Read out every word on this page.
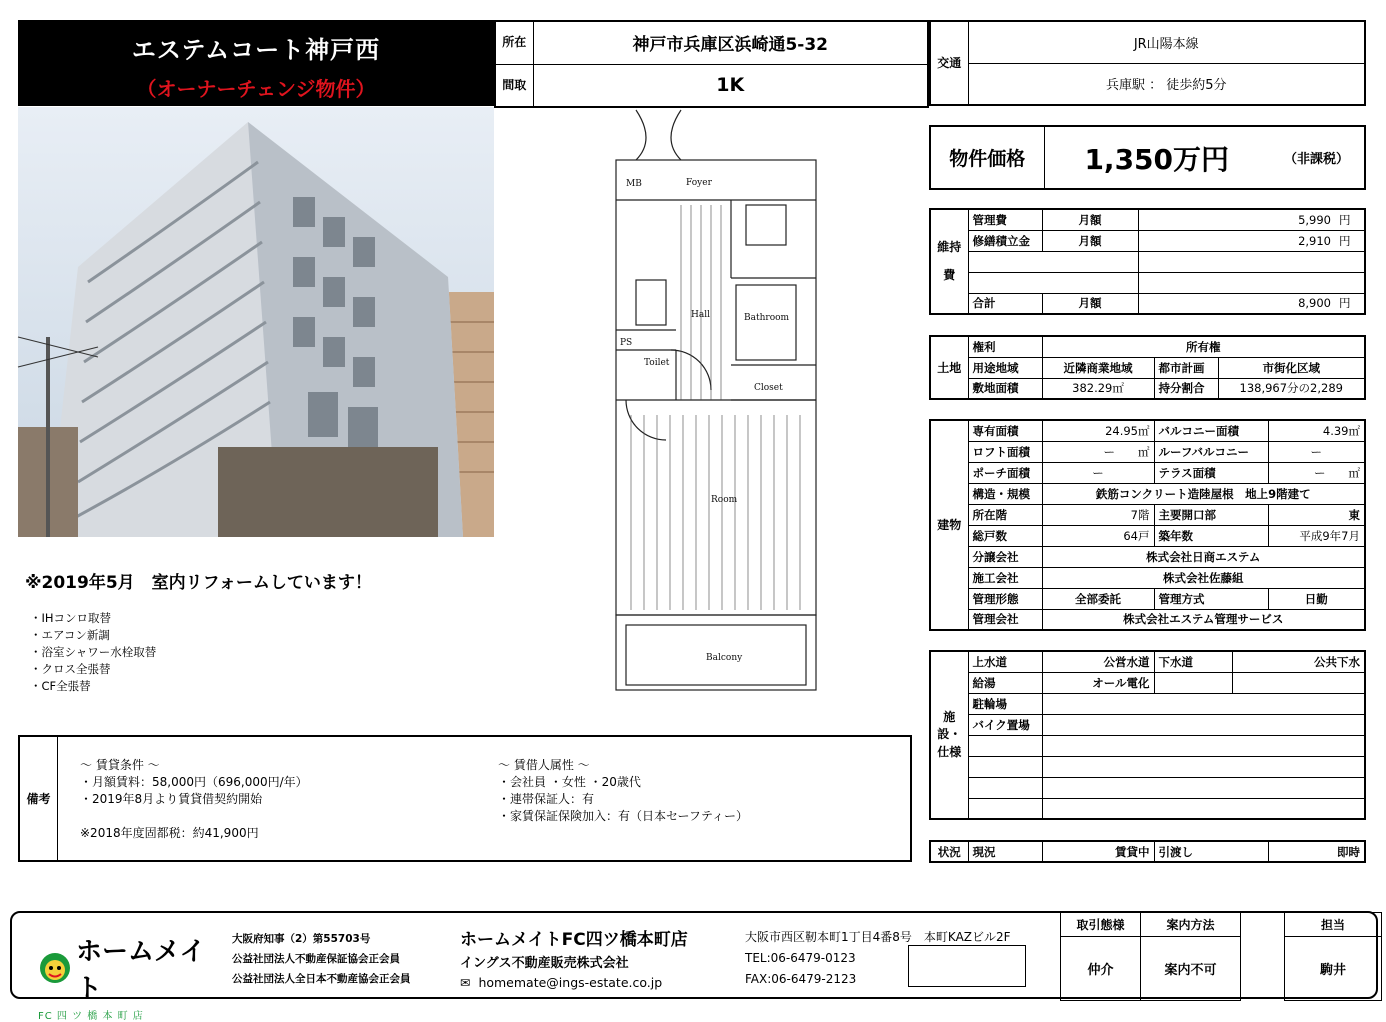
エステムコート神戸西
（オーナーチェンジ物件）
所在	神戸市兵庫区浜崎通5-32
間取	1K
交通	JR山陽本線
兵庫駅 ： 徒歩約5分
Foyer
MB
Bathroom
Hall
PS
Toilet
Closet
Room
Balcony
物件価格	1,350万円	（非課税）
維持費	管理費	月額	5,990	円
	修繕積立金	月額	2,910	円

	合計	月額	8,900	円
土地	権利	所有権		
	用途地域	近隣商業地域	都市計画	市街化区域
	敷地面積	382.29㎡	持分割合	138,967分の2,289
建物	専有面積	24.95㎡	バルコニー面積	4.39㎡
	ロフト面積	ー　　㎡	ルーフバルコニー	ー
	ポーチ面積	ー	テラス面積	ー　　㎡
	構造・規模	鉄筋コンクリート造陸屋根　地上9階建て		
	所在階	7階	主要開口部	東
	総戸数	64戸	築年数	平成9年7月
	分譲会社	株式会社日商エステム		
	施工会社	株式会社佐藤組		
	管理形態	全部委託	管理方式	日勤
	管理会社	株式会社エステム管理サービス		
施設・仕様	上水道	公営水道	下水道	公共下水
	給湯	オール電化		
	駐輪場			
	バイク置場			

状況	現況	賃貸中	引渡し	即時
※2019年5月　室内リフォームしています！
・IHコンロ取替
・エアコン新調
・浴室シャワー水栓取替
・クロス全張替
・CF全張替
備考
～ 賃貸条件 ～
・月額賃料：58,000円（696,000円/年）
・2019年8月より賃貸借契約開始
※2018年度固都税：約41,900円
～ 賃借人属性 ～
・会社員 ・女性 ・20歳代
・連帯保証人：有
・家賃保証保険加入：有（日本セーフティー）
ホームメイト
FC 四 ツ 橋 本 町 店
大阪府知事（2）第55703号
公益社団法人不動産保証協会正会員
公益社団法人全日本不動産協会正会員
ホームメイトFC四ツ橋本町店
イングス不動産販売株式会社
✉ homemate@ings-estate.co.jp
大阪市西区靭本町1丁目4番8号　本町KAZビル2F
TEL:06-6479-0123
FAX:06-6479-2123
取引態様	案内方法		担当
仲介	案内不可		駒井
